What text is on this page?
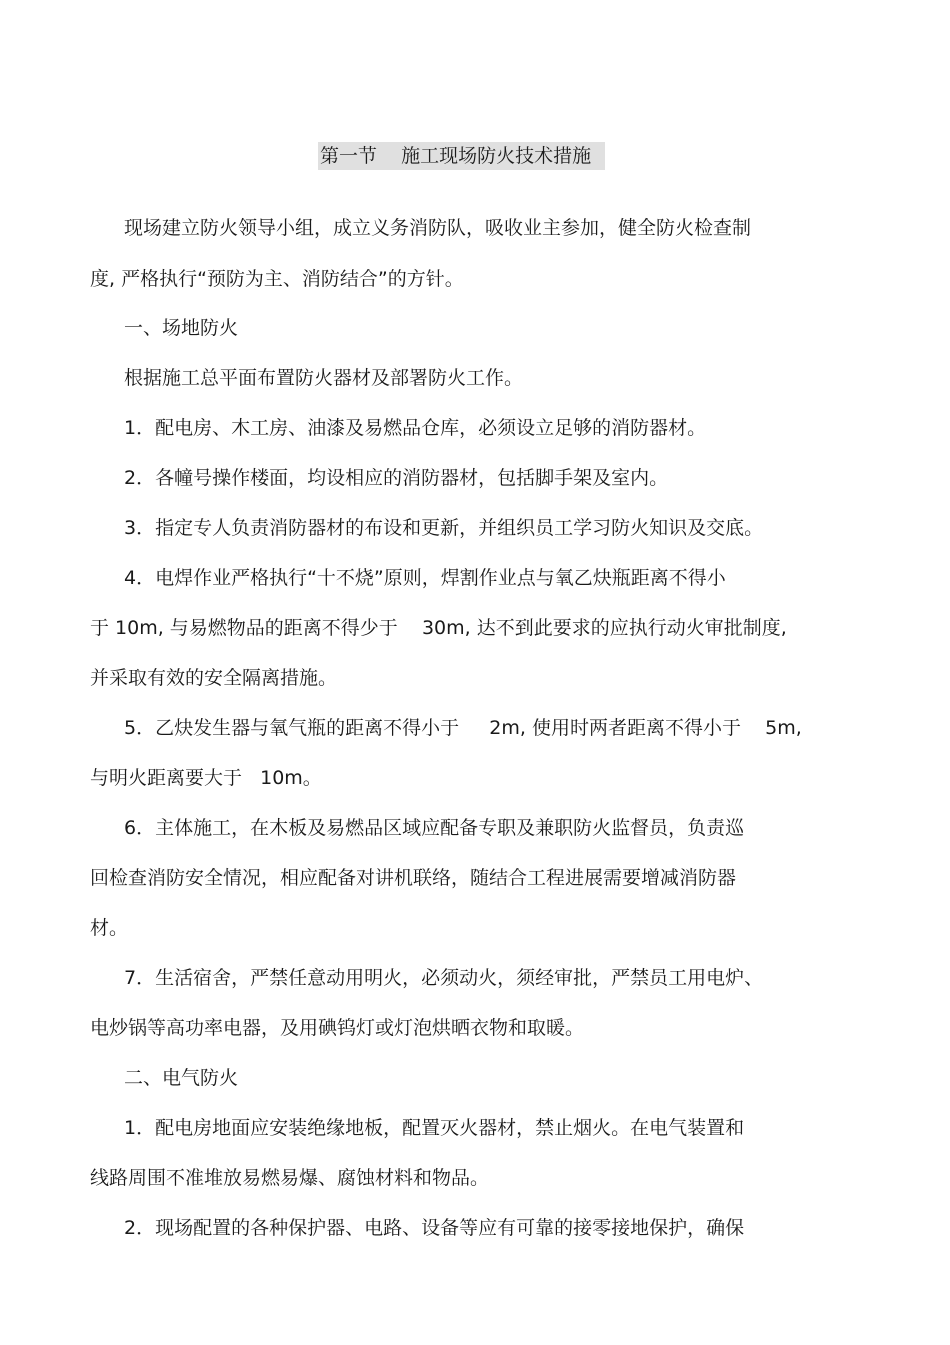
第一节    施工现场防火技术措施
现场建立防火领导小组，成立义务消防队，吸收业主参加，健全防火检查制
度, 严格执行“预防为主、消防结合”的方针。
一、场地防火
根据施工总平面布置防火器材及部署防火工作。
1．配电房、木工房、油漆及易燃品仓库，必须设立足够的消防器材。
2．各幢号操作楼面，均设相应的消防器材，包括脚手架及室内。
3．指定专人负责消防器材的布设和更新，并组织员工学习防火知识及交底。
4．电焊作业严格执行“十不烧”原则，焊割作业点与氧乙炔瓶距离不得小
于 10m, 与易燃物品的距离不得少于    30m, 达不到此要求的应执行动火审批制度,
并采取有效的安全隔离措施。
5．乙炔发生器与氧气瓶的距离不得小于     2m, 使用时两者距离不得小于    5m,
与明火距离要大于   10m。
6．主体施工，在木板及易燃品区域应配备专职及兼职防火监督员，负责巡
回检查消防安全情况，相应配备对讲机联络，随结合工程进展需要增减消防器
材。
7．生活宿舍，严禁任意动用明火，必须动火，须经审批，严禁员工用电炉、
电炒锅等高功率电器，及用碘钨灯或灯泡烘晒衣物和取暖。
二、电气防火
1．配电房地面应安装绝缘地板，配置灭火器材，禁止烟火。在电气装置和
线路周围不准堆放易燃易爆、腐蚀材料和物品。
2．现场配置的各种保护器、电路、设备等应有可靠的接零接地保护，确保
